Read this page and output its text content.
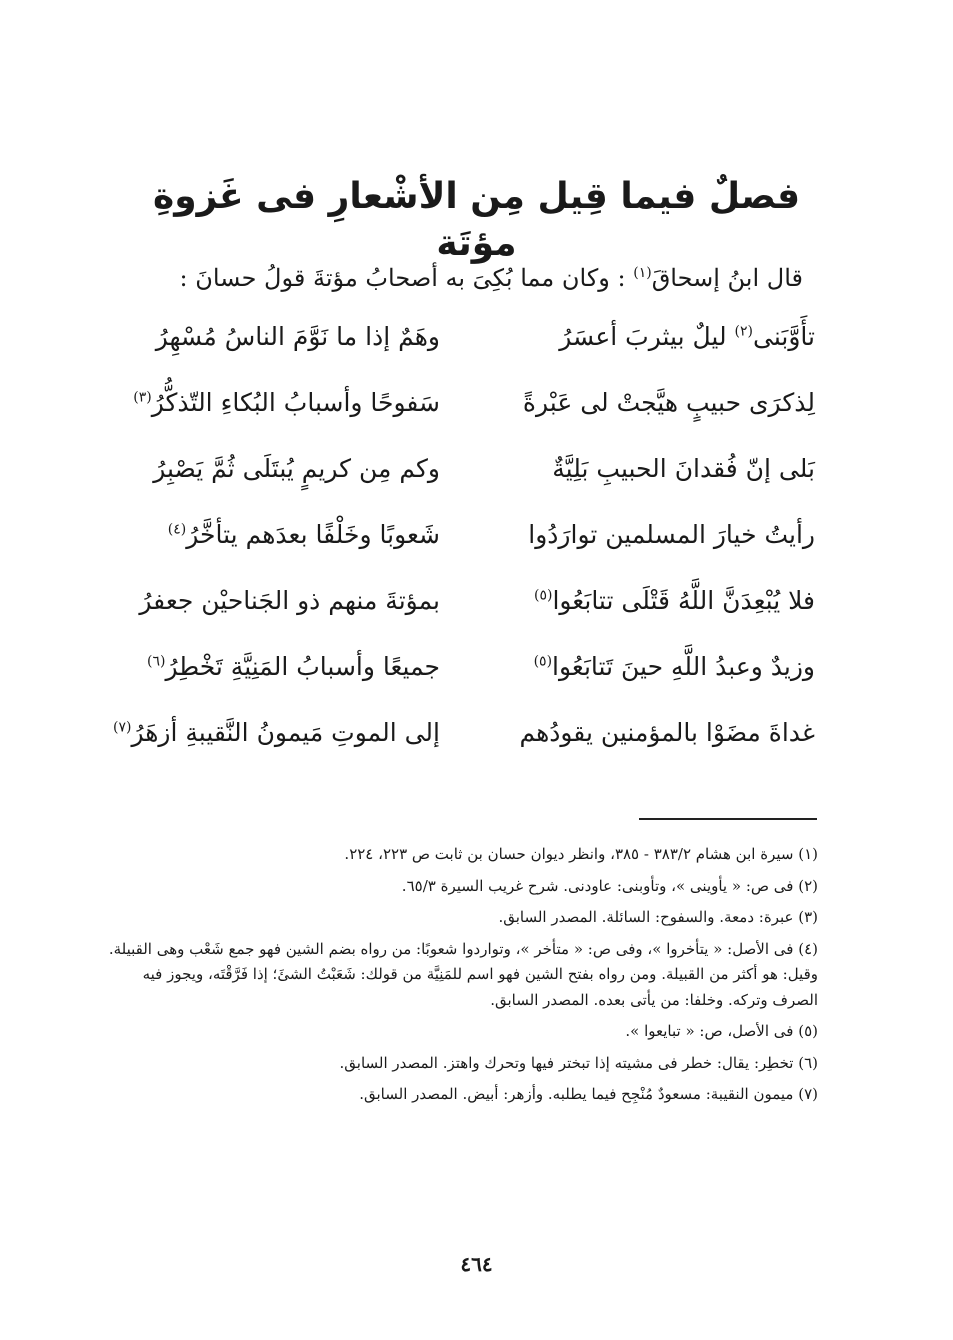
فصلٌ فيما قِيل مِن الأشْعارِ فى غَزوةِ مؤتَة

قال ابنُ إسحاقَ$^{(١)}$ : وكان مما بُكِىَ به أصحابُ مؤتةَ قولُ حسانَ :

تأَوَّبَنى$^{(٢)}$ ليلٌ بيثربَ أعسَرُ
وهَمٌ إذا ما نَوَّمَ الناسُ مُسْهِرُ
لِذكرَى حبيبٍ هيَّجتْ لى عَبْرةً
سَفوحًا وأسبابُ البُكاءِ التّذكُّرُ$^{(٣)}$
بَلى إنّ فُقدانَ الحبيبِ بَلِيَّةٌ
وكم مِن كريمٍ يُبتَلَى ثُمَّ يَصْبِرُ
رأيتُ خيارَ المسلمين توارَدُوا
شَعوبًا وخَلْفًا بعدَهم يتأخَّرُ$^{(٤)}$
فلا يُبْعِدَنَّ اللَّهُ قَتْلَى تتابَعُوا$^{(٥)}$
بمؤتةَ منهم ذو الجَناحيْن جعفرُ
وزيدٌ وعبدُ اللَّهِ حينَ تَتابَعُوا$^{(٥)}$
جميعًا وأسبابُ المَنِيَّةِ تَخْطِرُ$^{(٦)}$
غداةَ مضَوْا بالمؤمنين يقودُهم
إلى الموتِ مَيمونُ النَّقيبةِ أزهَرُ$^{(٧)}$

(١) سيرة ابن هشام ٣٨٣/٢ - ٣٨٥، وانظر ديوان حسان بن ثابت ص ٢٢٣، ٢٢٤.

(٢) فى ص: « يأوينى »، وتأوبنى: عاودنى. شرح غريب السيرة ٦٥/٣.

(٣) عبرة: دمعة. والسفوح: السائلة. المصدر السابق.

(٤) فى الأصل: « يتأخروا »، وفى ص: « متأخر »، وتواردوا شعوبًا: من رواه بضم الشين فهو جمع شَعْب وهى القبيلة. وقيل: هو أكثر من القبيلة. ومن رواه بفتح الشين فهو اسم للمَنِيَّة من قولك: شَعَبْتُ الشئَ؛ إذا فَرَّقْتَه، ويجوز فيه الصرف وتركه. وخلفا: من يأتى بعده. المصدر السابق.

(٥) فى الأصل، ص: « تبايعوا ».

(٦) تخطِر: يقال: خطر فى مشيته إذا تبختر فيها وتحرك واهتز. المصدر السابق.

(٧) ميمون النقيبة: مسعودٌ مُنْجِح فيما يطلبه. وأزهر: أبيض. المصدر السابق.

٤٦٤
